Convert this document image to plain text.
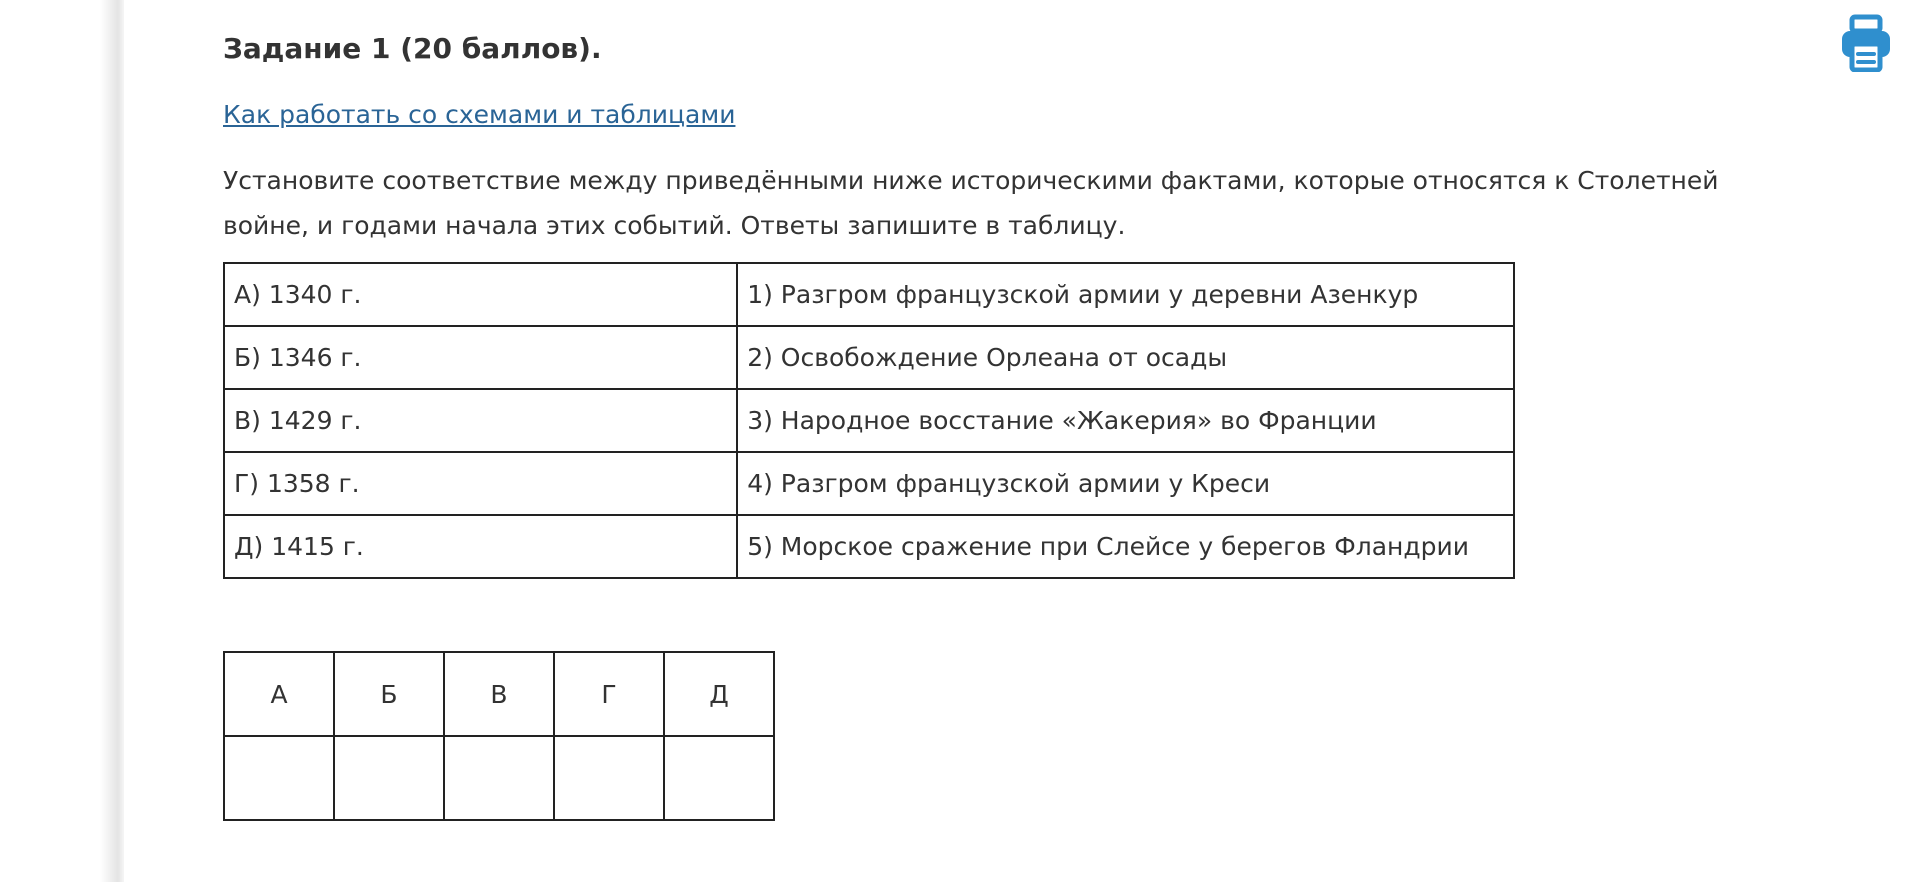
Задание 1 (20 баллов).
Как работать со схемами и таблицами
Установите соответствие между приведёнными ниже историческими фактами, которые относятся к Столетней войне, и годами начала этих событий. Ответы запишите в таблицу.
А) 1340 г.	1) Разгром французской армии у деревни Азенкур
Б) 1346 г.	2) Освобождение Орлеана от осады
В) 1429 г.	3) Народное восстание «Жакерия» во Франции
Г) 1358 г.	4) Разгром французской армии у Креси
Д) 1415 г.	5) Морское сражение при Слейсе у берегов Фландрии
А	Б	В	Г	Д
